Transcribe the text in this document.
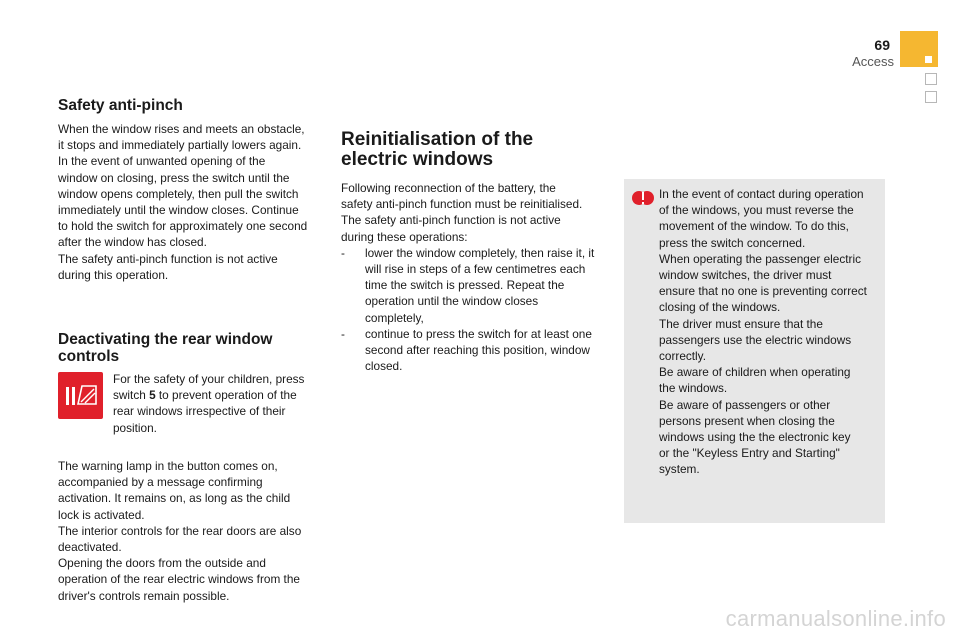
69
Access
Safety anti-pinch
When the window rises and meets an obstacle,
it stops and immediately partially lowers again.
In the event of unwanted opening of the
window on closing, press the switch until the
window opens completely, then pull the switch
immediately until the window closes. Continue
to hold the switch for approximately one second
after the window has closed.
The safety anti-pinch function is not active
during this operation.
Deactivating the rear window controls

For the safety of your children, press switch 5 to prevent operation of the rear windows irrespective of their position.

The warning lamp in the button comes on,
accompanied by a message confirming
activation. It remains on, as long as the child
lock is activated.
The interior controls for the rear doors are also
deactivated.
Opening the doors from the outside and
operation of the rear electric windows from the
driver's controls remain possible.
Reinitialisation of the electric windows
Following reconnection of the battery, the
safety anti-pinch function must be reinitialised.
The safety anti-pinch function is not active
during these operations:
- lower the window completely, then raise it, it will rise in steps of a few centimetres each time the switch is pressed. Repeat the operation until the window closes completely,
- continue to press the switch for at least one second after reaching this position, window closed.
In the event of contact during operation
of the windows, you must reverse the
movement of the window. To do this,
press the switch concerned.
When operating the passenger electric
window switches, the driver must
ensure that no one is preventing correct
closing of the windows.
The driver must ensure that the
passengers use the electric windows
correctly.
Be aware of children when operating
the windows.
Be aware of passengers or other
persons present when closing the
windows using the the electronic key
or the "Keyless Entry and Starting"
system.
carmanualsonline.info
